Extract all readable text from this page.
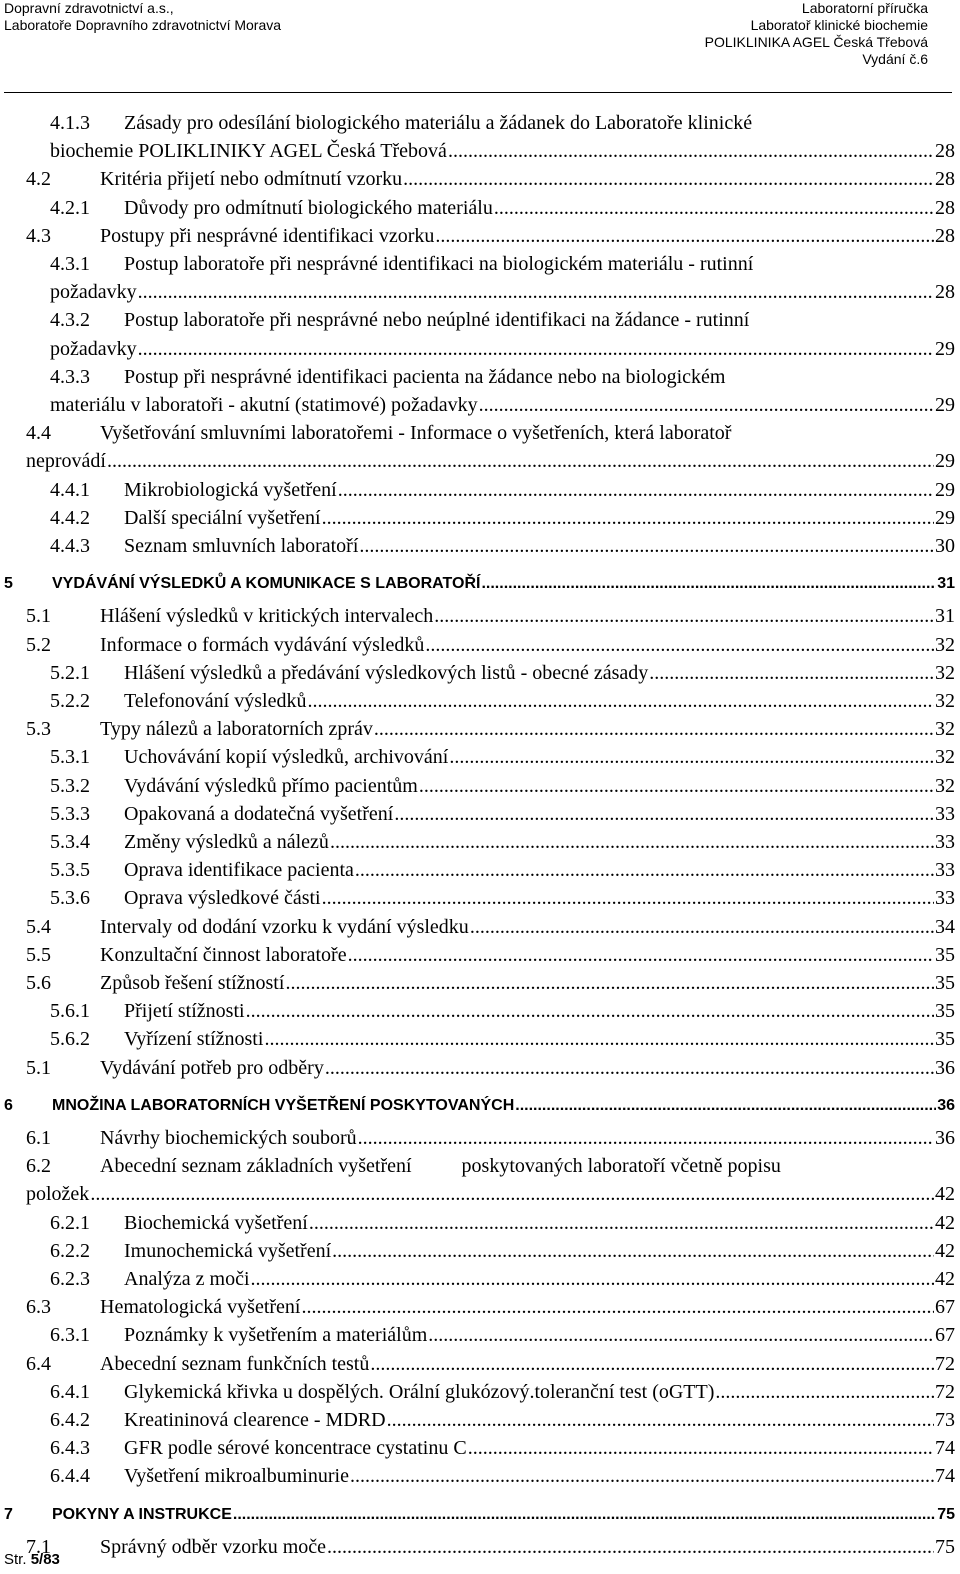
Dopravní zdravotnictví a.s.,
Laboratoře Dopravního zdravotnictví Morava
Laboratorní příručka
Laboratoř klinické biochemie
POLIKLINIKA AGEL Česká Třebová
Vydání č.6
4.1.3 Zásady pro odesílání biologického materiálu a žádanek do Laboratoře klinické
biochemie POLIKLINIKY AGEL Česká Třebová .....	28
4.2	Kritéria přijetí nebo odmítnutí vzorku .....	28
4.2.1	Důvody pro odmítnutí biologického materiálu .....	28
4.3	Postupy při nesprávné identifikaci vzorku .....	28
4.3.1 Postup laboratoře při nesprávné identifikaci na biologickém materiálu - rutinní
požadavky .....	28
4.3.2 Postup laboratoře při nesprávné nebo neúplné identifikaci na žádance - rutinní
požadavky .....	29
4.3.3 Postup při nesprávné identifikaci pacienta na žádance nebo na biologickém
materiálu v laboratoři - akutní (statimové) požadavky .....	29
4.4 Vyšetřování smluvními laboratořemi - Informace o vyšetřeních, která laboratoř
neprovádí .....	29
4.4.1	Mikrobiologická vyšetření .....	29
4.4.2	Další speciální vyšetření .....	29
4.4.3	Seznam smluvních laboratoří .....	30
5	VYDÁVÁNÍ VÝSLEDKŮ A KOMUNIKACE S LABORATOŘÍ .....	31
5.1	Hlášení výsledků v kritických intervalech .....	31
5.2	Informace o formách vydávání výsledků .....	32
5.2.1	Hlášení výsledků a předávání výsledkových listů - obecné zásady .....	32
5.2.2	Telefonování výsledků .....	32
5.3	Typy nálezů a laboratorních zpráv .....	32
5.3.1	Uchovávání kopií výsledků, archivování .....	32
5.3.2	Vydávání výsledků přímo pacientům .....	32
5.3.3	Opakovaná a dodatečná vyšetření .....	33
5.3.4	Změny výsledků a nálezů .....	33
5.3.5	Oprava identifikace pacienta .....	33
5.3.6	Oprava výsledkové části .....	33
5.4	Intervaly od dodání vzorku k vydání výsledku .....	34
5.5	Konzultační činnost laboratoře .....	35
5.6	Způsob řešení stížností .....	35
5.6.1	Přijetí stížnosti .....	35
5.6.2	Vyřízení stížnosti .....	35
5.1	Vydávání potřeb pro odběry .....	36
6	MNOŽINA LABORATORNÍCH VYŠETŘENÍ POSKYTOVANÝCH .....	36
6.1	Návrhy biochemických souborů .....	36
6.2 Abecední seznam základních vyšetření          poskytovaných laboratoří včetně popisu
položek .....	42
6.2.1	Biochemická vyšetření .....	42
6.2.2	Imunochemická vyšetření .....	42
6.2.3	Analýza z moči .....	42
6.3	Hematologická vyšetření .....	67
6.3.1	Poznámky k vyšetřením a materiálům .....	67
6.4	Abecední seznam funkčních testů .....	72
6.4.1	Glykemická křivka u dospělých. Orální glukózový.toleranční test (oGTT) .....	72
6.4.2	Kreatininová clearence - MDRD .....	73
6.4.3	GFR podle sérové koncentrace cystatinu C .....	74
6.4.4	Vyšetření mikroalbuminurie .....	74
7	POKYNY A INSTRUKCE .....	75
7.1	Správný odběr vzorku moče .....	75
Str. 5/83
